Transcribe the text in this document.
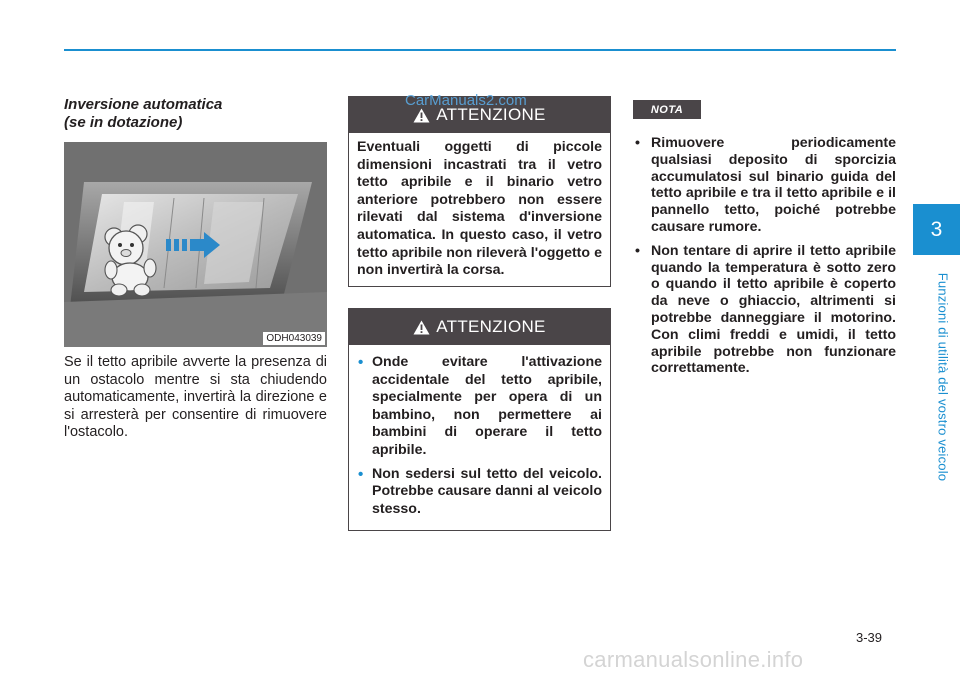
3
Funzioni di utilità del vostro veicolo
Inversione automatica
(se in dotazione)
ODH043039
Se il tetto apribile avverte la presenza di un ostacolo mentre si sta chiudendo automaticamente, invertirà la direzione e si arresterà per consentire di rimuovere l'ostacolo.
ATTENZIONE
Eventuali oggetti di piccole dimensioni incastrati tra il vetro tetto apribile e il binario vetro anteriore potrebbero non essere rilevati dal sistema d'inversione automatica. In questo caso, il vetro tetto apribile non rileverà l'oggetto e non invertirà la corsa.
CarManuals2.com
ATTENZIONE
• Onde evitare l'attivazione accidentale del tetto apribile, specialmente per opera di un bambino, non permettere ai bambini di operare il tetto apribile.
• Non sedersi sul tetto del veicolo. Potrebbe causare danni al veicolo stesso.
NOTA
• Rimuovere periodicamente qualsiasi deposito di sporcizia accumulatosi sul binario guida del tetto apribile e tra il tetto apribile e il pannello tetto, poiché potrebbe causare rumore.
• Non tentare di aprire il tetto apribile quando la temperatura è sotto zero o quando il tetto apribile è coperto da neve o ghiaccio, altrimenti si potrebbe danneggiare il motorino. Con climi freddi e umidi, il tetto apribile potrebbe non funzionare correttamente.
3-39
carmanualsonline.info
